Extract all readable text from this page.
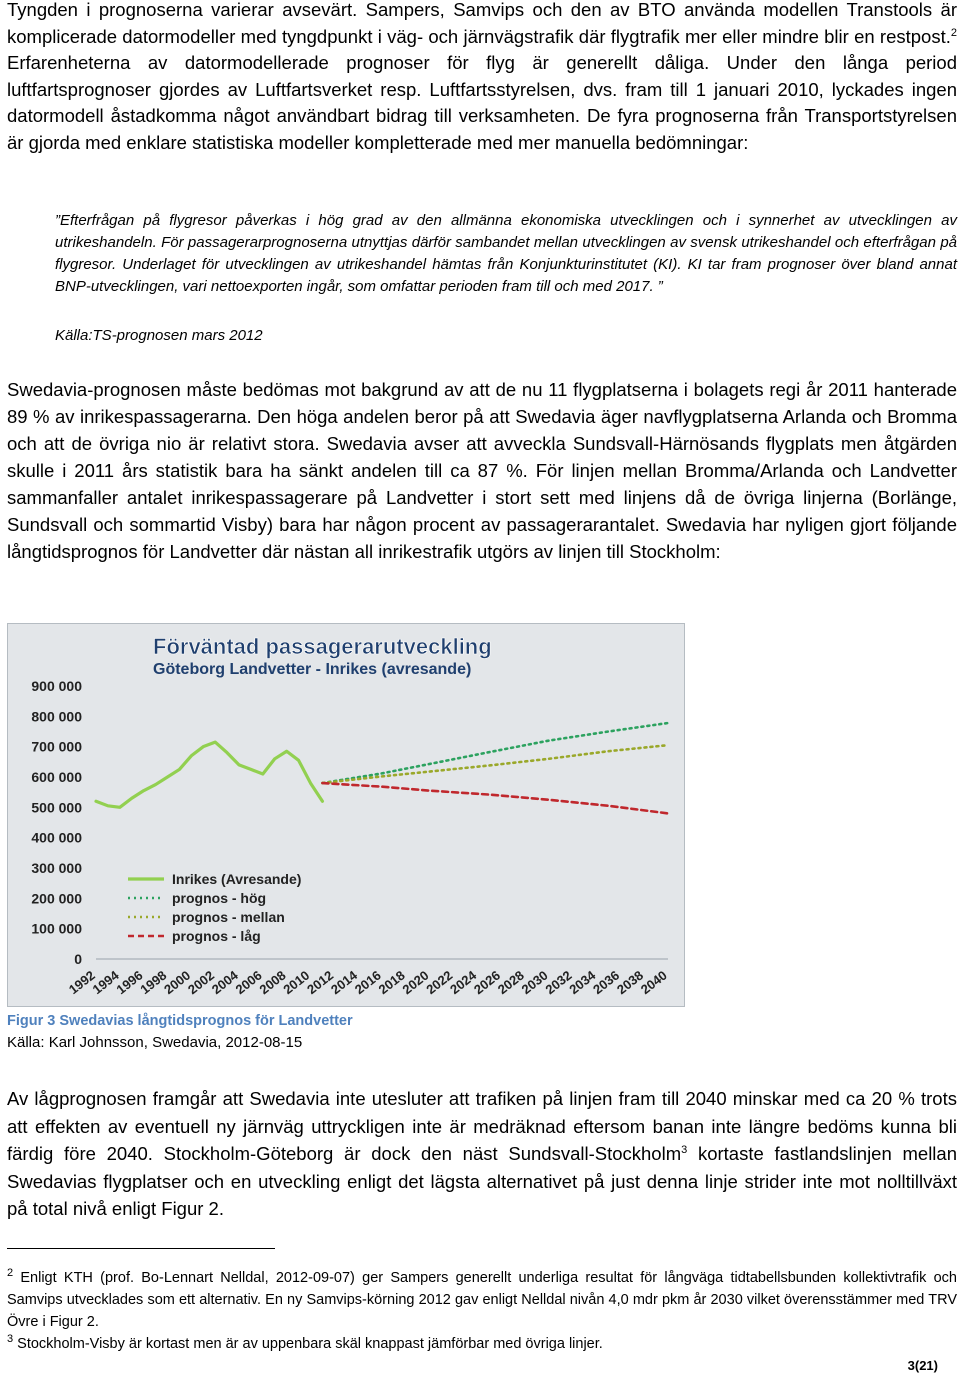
Tyngden i prognoserna varierar avsevärt. Sampers, Samvips och den av BTO använda modellen Transtools är komplicerade datormodeller med tyngdpunkt i väg- och järnvägstrafik där flygtrafik mer eller mindre blir en restpost.$^2$ Erfarenheterna av datormodellerade prognoser för flyg är generellt dåliga. Under den långa period luftfartsprognoser gjordes av Luftfartsverket resp. Luftfartsstyrelsen, dvs. fram till 1 januari 2010, lyckades ingen datormodell åstadkomma något användbart bidrag till verksamheten. De fyra prognoserna från Transportstyrelsen är gjorda med enklare statistiska modeller kompletterade med mer manuella bedömningar:

”Efterfrågan på flygresor påverkas i hög grad av den allmänna ekonomiska utvecklingen och i synnerhet av utvecklingen av utrikeshandeln. För passagerarprognoserna utnyttjas därför sambandet mellan utvecklingen av svensk utrikeshandel och efterfrågan på flygresor. Underlaget för utvecklingen av utrikeshandel hämtas från Konjunkturinstitutet (KI). KI tar fram prognoser över bland annat BNP-utvecklingen, vari nettoexporten ingår, som omfattar perioden fram till och med 2017. ”

Källa:TS-prognosen mars 2012

Swedavia-prognosen måste bedömas mot bakgrund av att de nu 11 flygplatserna i bolagets regi år 2011 hanterade 89 % av inrikespassagerarna. Den höga andelen beror på att Swedavia äger navflygplatserna Arlanda och Bromma och att de övriga nio är relativt stora. Swedavia avser att avveckla Sundsvall-Härnösands flygplats men åtgärden skulle i 2011 års statistik bara ha sänkt andelen till ca 87 %. För linjen mellan Bromma/Arlanda och Landvetter sammanfaller antalet inrikespassagerare på Landvetter i stort sett med linjens då de övriga linjerna (Borlänge, Sundsvall och sommartid Visby) bara har någon procent av passagerarantalet. Swedavia har nyligen gjort följande långtidsprognos för Landvetter där nästan all inrikestrafik utgörs av linjen till Stockholm:

Förväntad passagerarutveckling
Göteborg Landvetter - Inrikes (avresande)
0
100 000
200 000
300 000
400 000
500 000
600 000
700 000
800 000
900 000
1992
1994
1996
1998
2000
2002
2004
2006
2008
2010
2012
2014
2016
2018
2020
2022
2024
2026
2028
2030
2032
2034
2036
2038
2040
Inrikes (Avresande)
prognos - hög
prognos - mellan
prognos - låg

Figur 3 Swedavias långtidsprognos för Landvetter

Källa: Karl Johnsson, Swedavia, 2012-08-15

Av lågprognosen framgår att Swedavia inte utesluter att trafiken på linjen fram till 2040 minskar med ca 20 % trots att effekten av eventuell ny järnväg uttryckligen inte är medräknad eftersom banan inte längre bedöms kunna bli färdig före 2040. Stockholm-Göteborg är dock den näst Sundsvall-Stockholm$^3$ kortaste fastlandslinjen mellan Swedavias flygplatser och en utveckling enligt det lägsta alternativet på just denna linje strider inte mot nolltillväxt på total nivå enligt Figur 2.

$^2$ Enligt KTH (prof. Bo-Lennart Nelldal, 2012-09-07) ger Sampers generellt underliga resultat för långväga tidtabellsbunden kollektivtrafik och Samvips utvecklades som ett alternativ. En ny Samvips-körning 2012 gav enligt Nelldal nivån 4,0 mdr pkm år 2030 vilket överensstämmer med TRV Övre i Figur 2.

$^3$ Stockholm-Visby är kortast men är av uppenbara skäl knappast jämförbar med övriga linjer.

3(21)
